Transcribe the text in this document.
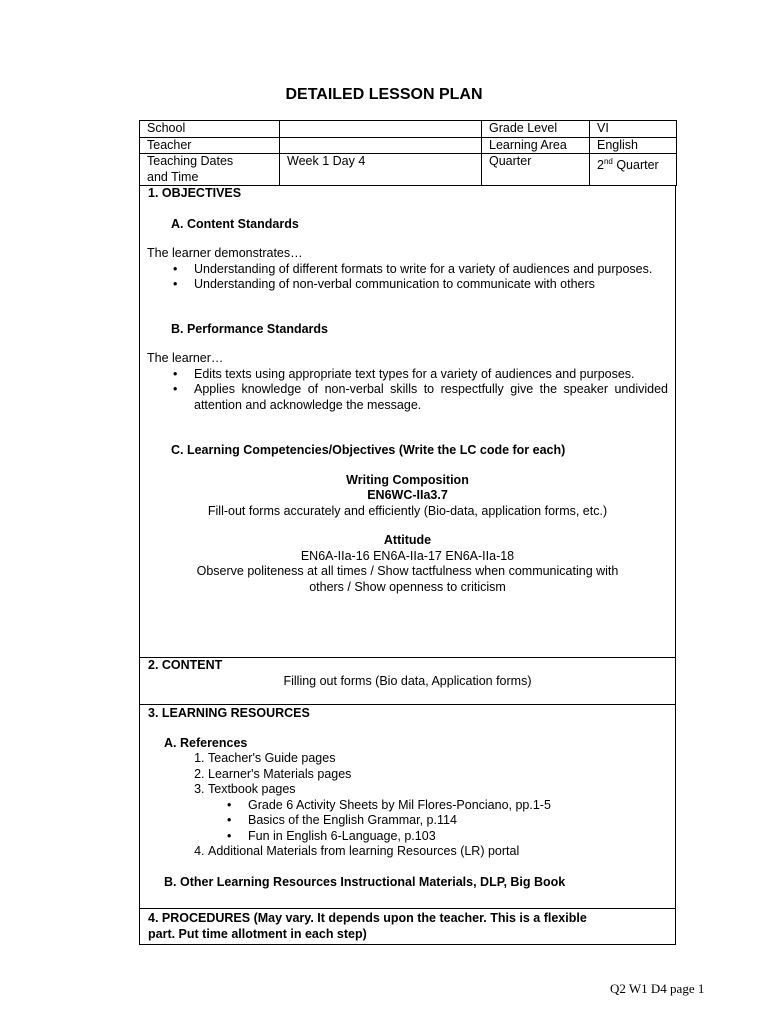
DETAILED LESSON PLAN
School		Grade Level	VI
Teacher		Learning Area	English

Teaching Dates
and Time	Week 1 Day 4	Quarter	2nd Quarter
1. OBJECTIVES
A. Content Standards
The learner demonstrates…
• Understanding of different formats to write for a variety of audiences and purposes.
• Understanding of non-verbal communication to communicate with others
B. Performance Standards
The learner…
• Edits texts using appropriate text types for a variety of audiences and purposes.
• Applies knowledge of non-verbal skills to respectfully give the speaker undivided attention and acknowledge the message.
C. Learning Competencies/Objectives (Write the LC code for each)
Writing Composition
EN6WC-IIa3.7
Fill-out forms accurately and efficiently (Bio-data, application forms, etc.)
Attitude
EN6A-IIa-16 EN6A-IIa-17 EN6A-IIa-18
Observe politeness at all times / Show tactfulness when communicating with
others / Show openness to criticism
2. CONTENT
Filling out forms (Bio data, Application forms)
3. LEARNING RESOURCES
A. References
1. Teacher's Guide pages
2. Learner's Materials pages
3. Textbook pages
• Grade 6 Activity Sheets by Mil Flores-Ponciano, pp.1-5
• Basics of the English Grammar, p.114
• Fun in English 6-Language, p.103
4. Additional Materials from learning Resources (LR) portal
B. Other Learning Resources Instructional Materials, DLP, Big Book
4. PROCEDURES (May vary. It depends upon the teacher. This is a flexible
part. Put time allotment in each step)
Q2 W1 D4 page 1
